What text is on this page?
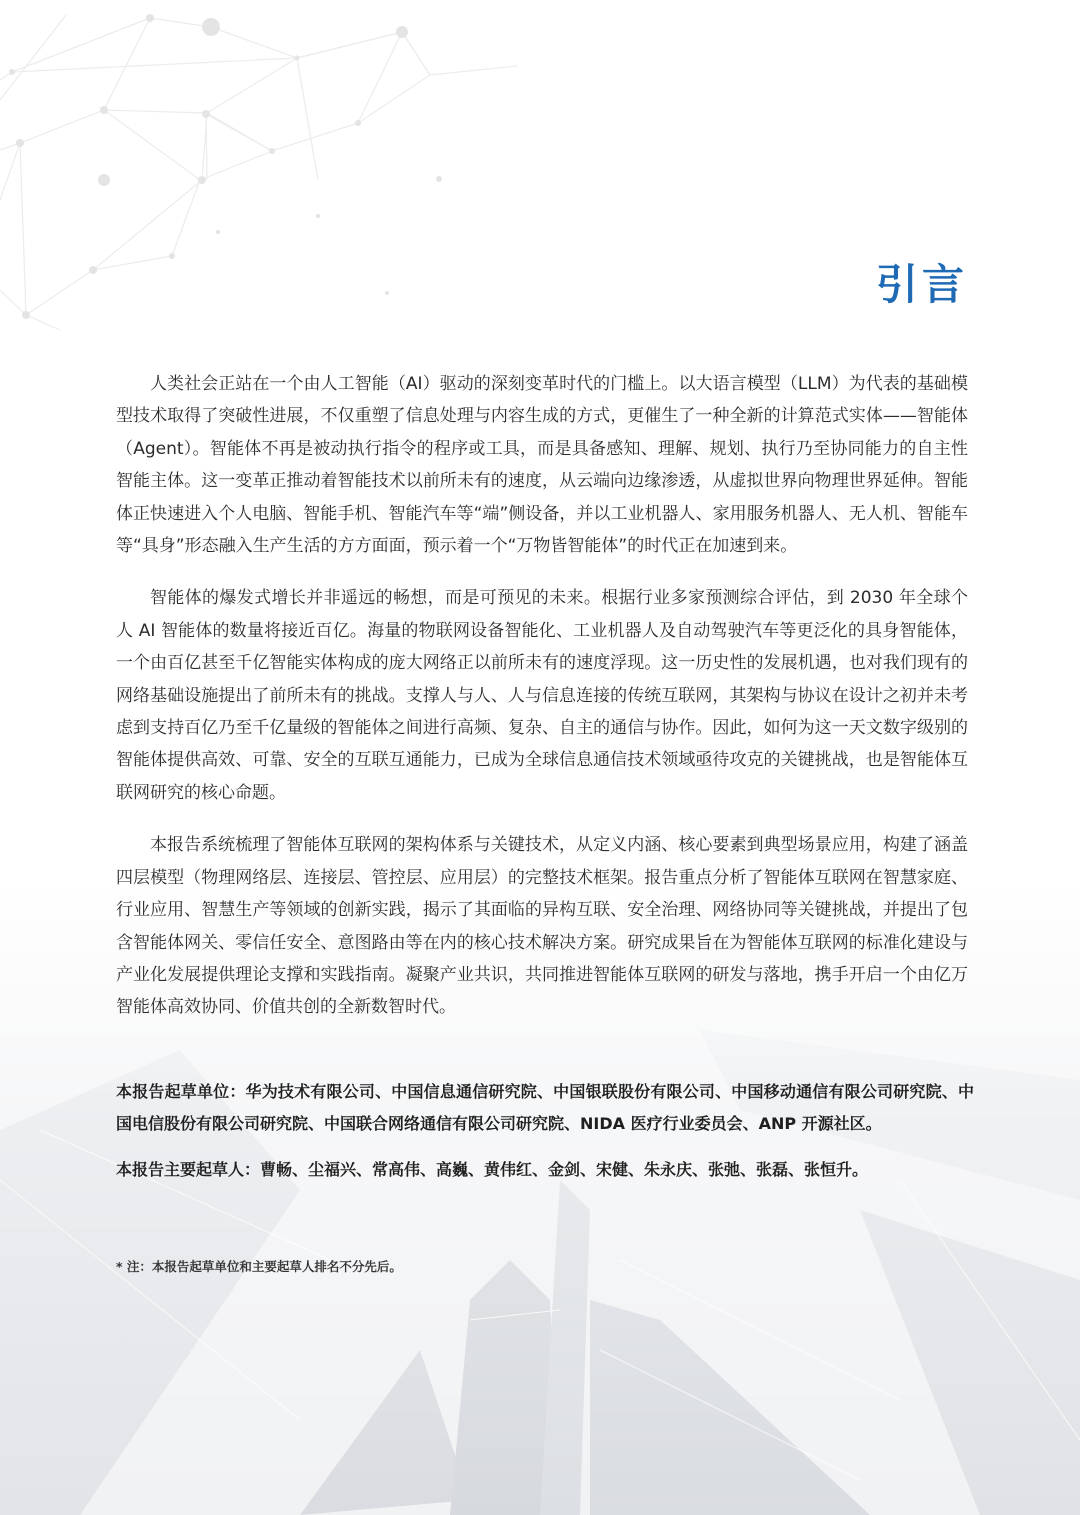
引言

人类社会正站在一个由人工智能（AI）驱动的深刻变革时代的门槛上。以大语言模型（LLM）为代表的基础模型技术取得了突破性进展，不仅重塑了信息处理与内容生成的方式，更催生了一种全新的计算范式实体——智能体（Agent）。智能体不再是被动执行指令的程序或工具，而是具备感知、理解、规划、执行乃至协同能力的自主性智能主体。这一变革正推动着智能技术以前所未有的速度，从云端向边缘渗透，从虚拟世界向物理世界延伸。智能体正快速进入个人电脑、智能手机、智能汽车等“端”侧设备，并以工业机器人、家用服务机器人、无人机、智能车等“具身”形态融入生产生活的方方面面，预示着一个“万物皆智能体”的时代正在加速到来。

智能体的爆发式增长并非遥远的畅想，而是可预见的未来。根据行业多家预测综合评估，到 2030 年全球个人 AI 智能体的数量将接近百亿。海量的物联网设备智能化、工业机器人及自动驾驶汽车等更泛化的具身智能体，一个由百亿甚至千亿智能实体构成的庞大网络正以前所未有的速度浮现。这一历史性的发展机遇，也对我们现有的网络基础设施提出了前所未有的挑战。支撑人与人、人与信息连接的传统互联网，其架构与协议在设计之初并未考虑到支持百亿乃至千亿量级的智能体之间进行高频、复杂、自主的通信与协作。因此，如何为这一天文数字级别的智能体提供高效、可靠、安全的互联互通能力，已成为全球信息通信技术领域亟待攻克的关键挑战，也是智能体互联网研究的核心命题。

本报告系统梳理了智能体互联网的架构体系与关键技术，从定义内涵、核心要素到典型场景应用，构建了涵盖四层模型（物理网络层、连接层、管控层、应用层）的完整技术框架。报告重点分析了智能体互联网在智慧家庭、行业应用、智慧生产等领域的创新实践，揭示了其面临的异构互联、安全治理、网络协同等关键挑战，并提出了包含智能体网关、零信任安全、意图路由等在内的核心技术解决方案。研究成果旨在为智能体互联网的标准化建设与产业化发展提供理论支撑和实践指南。凝聚产业共识，共同推进智能体互联网的研发与落地，携手开启一个由亿万智能体高效协同、价值共创的全新数智时代。

本报告起草单位：华为技术有限公司、中国信息通信研究院、中国银联股份有限公司、中国移动通信有限公司研究院、中国电信股份有限公司研究院、中国联合网络通信有限公司研究院、NIDA 医疗行业委员会、ANP 开源社区。

本报告主要起草人：曹畅、尘福兴、常高伟、高巍、黄伟红、金剑、宋健、朱永庆、张弛、张磊、张恒升。

* 注：本报告起草单位和主要起草人排名不分先后。
